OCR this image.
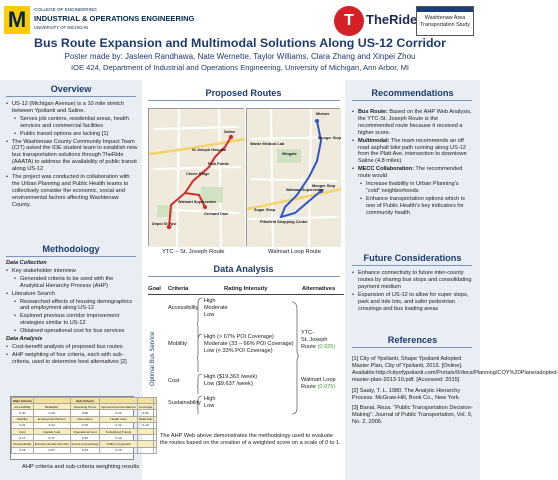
M	COLLEGE OF ENGINEERING
INDUSTRIAL & OPERATIONS ENGINEERING
UNIVERSITY OF MICHIGAN	T TheRide	Washtenaw Area Transportation Study
Bus Route Expansion and Multimodal Solutions Along US-12 Corridor
Poster made by: Jasleen Randhawa, Nate Wernette, Taylor Williams, Clara Zhang and Xinpei Zhou
IOE 424, Department of Industrial and Operations Engineering, University of Michigan, Ann Arbor, MI
Overview
• US-12 (Michigan Avenue) is a 10 mile stretch between Ypsilanti and Saline.
• Serves job centers, residential areas, health services and commercial facilities
• Public transit options are lacking [1]
• The Washtenaw County Community Impact Team (CIT) asked the IOE student team to establish new bus transportation solutions through TheRide (AAATA) to address the availability of public transit along US-12
• The project was conducted in collaboration with the Urban Planning and Public Health teams to collectively consider the economic, social and environmental factors affecting Washtenaw County.
Methodology
Data Collection
• Key stakeholder interview
• Generated criteria to be used with the Analytical Hierarchy Process (AHP)
• Literature Search
• Researched effects of housing demographics and employment along US-12
• Explored previous corridor improvement strategies similar to US-12
• Obtained operational cost for bus services
Data Analysis
• Cost-benefit analysis of proposed bus routes
• AHP weighting of four criteria, each with sub-criteria, used to determine best alternatives [2]
Main Criteria		Sub-Criteria			
Accessibility	Reliability	Operating Hours	Special Accommodations	Coverage	
0.30	0.29	0.08	0.12	0.50	
Mobility	Employment/School	Recreation	Health Care	Ridership	
0.22	0.44	0.15	0.22	0.19	
Cost	Capital Cost	Operational Cost	Subsidized Transit		
0.17	0.47	0.35	0.19		
Sustainability	Environmentally Friendly	Future Connectivity	Traffic Congestion		
0.18	0.67	0.23	0.10		
AHP criteria and sub-criteria weighting results
Proposed Routes
Saline
St Joseph Hospital
Park Pointe
Clover Ridge
Walmart Supercenter
Depot St Ypsi
Orchard Care
Mixture
Warde Medical Lab
Wingate
Munger Stop
Walmart Supercenter
Sugar Shop
Pittsfield Shopping Center
Munger Stop
YTC – St. Joseph Route	Walmart Loop Route
Data Analysis
Goal Criteria	Rating Intensity	Alternatives
Optimal Bus Service
Accessibility
High
Moderate
Low
Mobility
High (> 67% POI Coverage)
Moderate (33 – 66% POI Coverage)
Low (< 33% POI Coverage)
Cost
High ($19,363 /week)
Low ($9,637 /week)
Sustainability
High
Low
YTC-
St. Joseph
Route (0.925)
Walmart Loop
Route (0.075)
The AHP Web above demonstrates the methodology used to evaluate the routes based on the creation of a weighted score on a scale of 0 to 1.
Recommendations
• Bus Route: Based on the AHP Web Analysis, the YTC-St. Joseph Route is the recommended route because it received a higher score.
• Multimodal: The team recommends an off road asphalt bike path running along US-12 from the Platt Ave. intersection to downtown Saline (4.8 miles)
• MECC Collaboration: The recommended route would
• Increase livability in Urban Planning’s “cold” neighborhoods
• Enhance transportation options which is one of Public Health’s key indicators for community health
Future Considerations
• Enhance connectivity to future inter-county routes by sharing bus stops and consolidating payment medium
• Expansion of US-12 to allow for super stops, park and ride lots, and safer pedestrian crossings and bus loading areas
References
[1] City of Ypsilanti, Shape Ypsilanti Adopted Master Plan, City of Ypsilanti, 2013. [Online]. Available:http://cityofypsilanti.com/Portals/0/docs/Planning/COY%20Plans/adopted-master-plan-2013-10.pdf. [Accessed: 2015]
[2] Saaty, T. L. 1980. The Analytic Hierarchy Process. McGraw-Hill, Book Co., New York.
[3] Banai, Reza. “Public Transportation Decision-Making”. Journal of Public Transportation, Vol. 9, No. 2, 2006.
